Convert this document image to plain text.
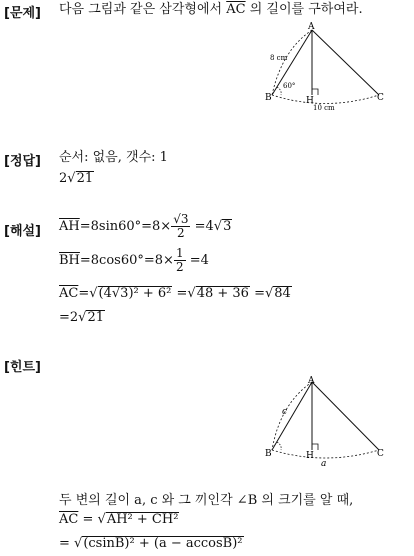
[문제] 다음 그림과 같은 삼각형에서 $\overline{AC}$ 의 길이를 구하여라.
A
B	H	C
8 cm
60°
10 cm
[정답] 순서: 없음, 갯수: 1
2√21
[해설] $\overline{AH}=8\sin 60^\circ=8\times \frac{√3}{2} =4√3$
$\overline{BH}=8\cos 60^\circ=8\times \frac{1}{2} =4$
$\overline{AC}=√(4√3)^2 + 6^2 =√48 + 36 =√84$
=2√21
[힌트]
A
B	H	C
c
a
두 변의 길이 a, c 와 그 끼인각 ∠B 의 크기를 알 때,
$\overline{AC} = √AH^2 + CH^2$
= √(csinB)² + (a − accosB)²
